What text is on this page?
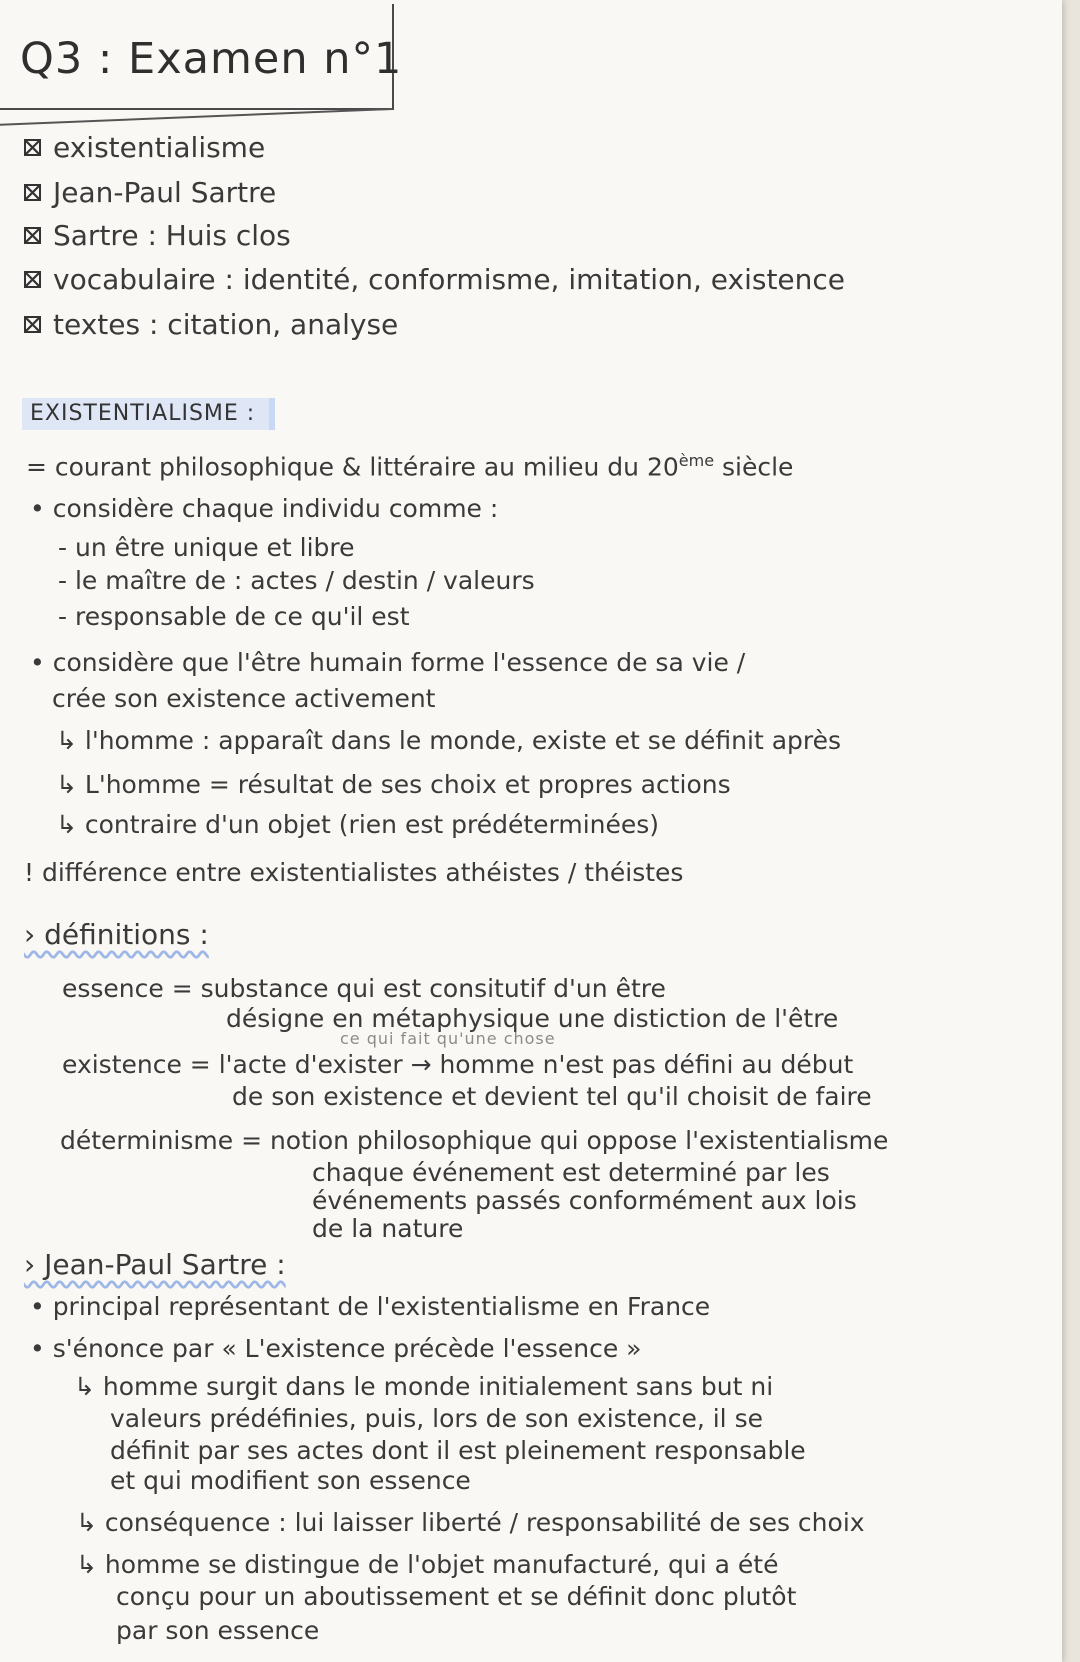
Q3 : Examen n°1
existentialisme
Jean-Paul Sartre
Sartre : Huis clos
vocabulaire : identité, conformisme, imitation, existence
textes : citation, analyse
EXISTENTIALISME :
= courant philosophique & littéraire au milieu du 20ème siècle
• considère chaque individu comme :
- un être unique et libre
- le maître de : actes / destin / valeurs
- responsable de ce qu'il est
• considère que l'être humain forme l'essence de sa vie /
crée son existence activement
↳ l'homme : apparaît dans le monde, existe et se définit après
↳ L'homme = résultat de ses choix et propres actions
↳ contraire d'un objet (rien est prédéterminées)
! différence entre existentialistes athéistes / théistes
› définitions :
essence = substance qui est consitutif d'un être
désigne en métaphysique une distiction de l'être
ce qui fait qu'une chose
existence = l'acte d'exister → homme n'est pas défini au début
de son existence et devient tel qu'il choisit de faire
déterminisme = notion philosophique qui oppose l'existentialisme
chaque événement est determiné par les
événements passés conformément aux lois
de la nature
› Jean-Paul Sartre :
• principal représentant de l'existentialisme en France
• s'énonce par « L'existence précède l'essence »
↳ homme surgit dans le monde initialement sans but ni
valeurs prédéfinies, puis, lors de son existence, il se
définit par ses actes dont il est pleinement responsable
et qui modifient son essence
↳ conséquence : lui laisser liberté / responsabilité de ses choix
↳ homme se distingue de l'objet manufacturé, qui a été
conçu pour un aboutissement et se définit donc plutôt
par son essence
